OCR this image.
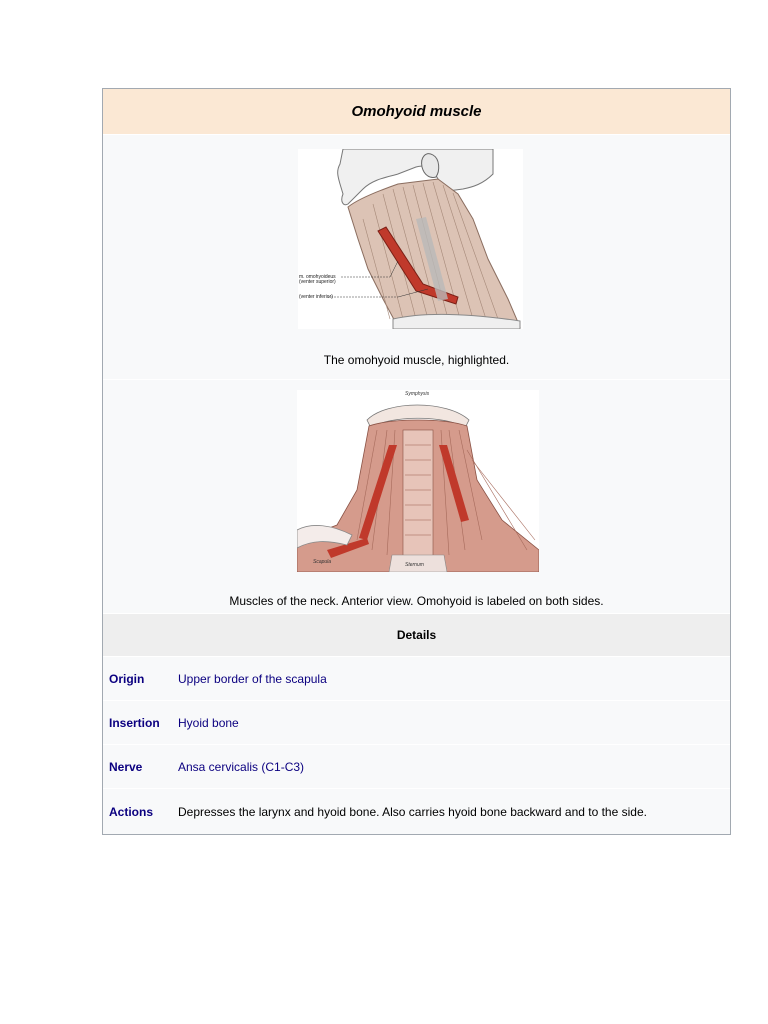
Omohyoid muscle
m. omohyoideus
(venter superior)
(venter inferior)
The omohyoid muscle, highlighted.
Symphysis
Scapula	Sternum
Muscles of the neck. Anterior view. Omohyoid is labeled on both sides.
Details
Origin	Upper border of the scapula
Insertion	Hyoid bone
Nerve	Ansa cervicalis (C1-C3)
Actions	Depresses the larynx and hyoid bone. Also carries hyoid bone backward and to the side.
